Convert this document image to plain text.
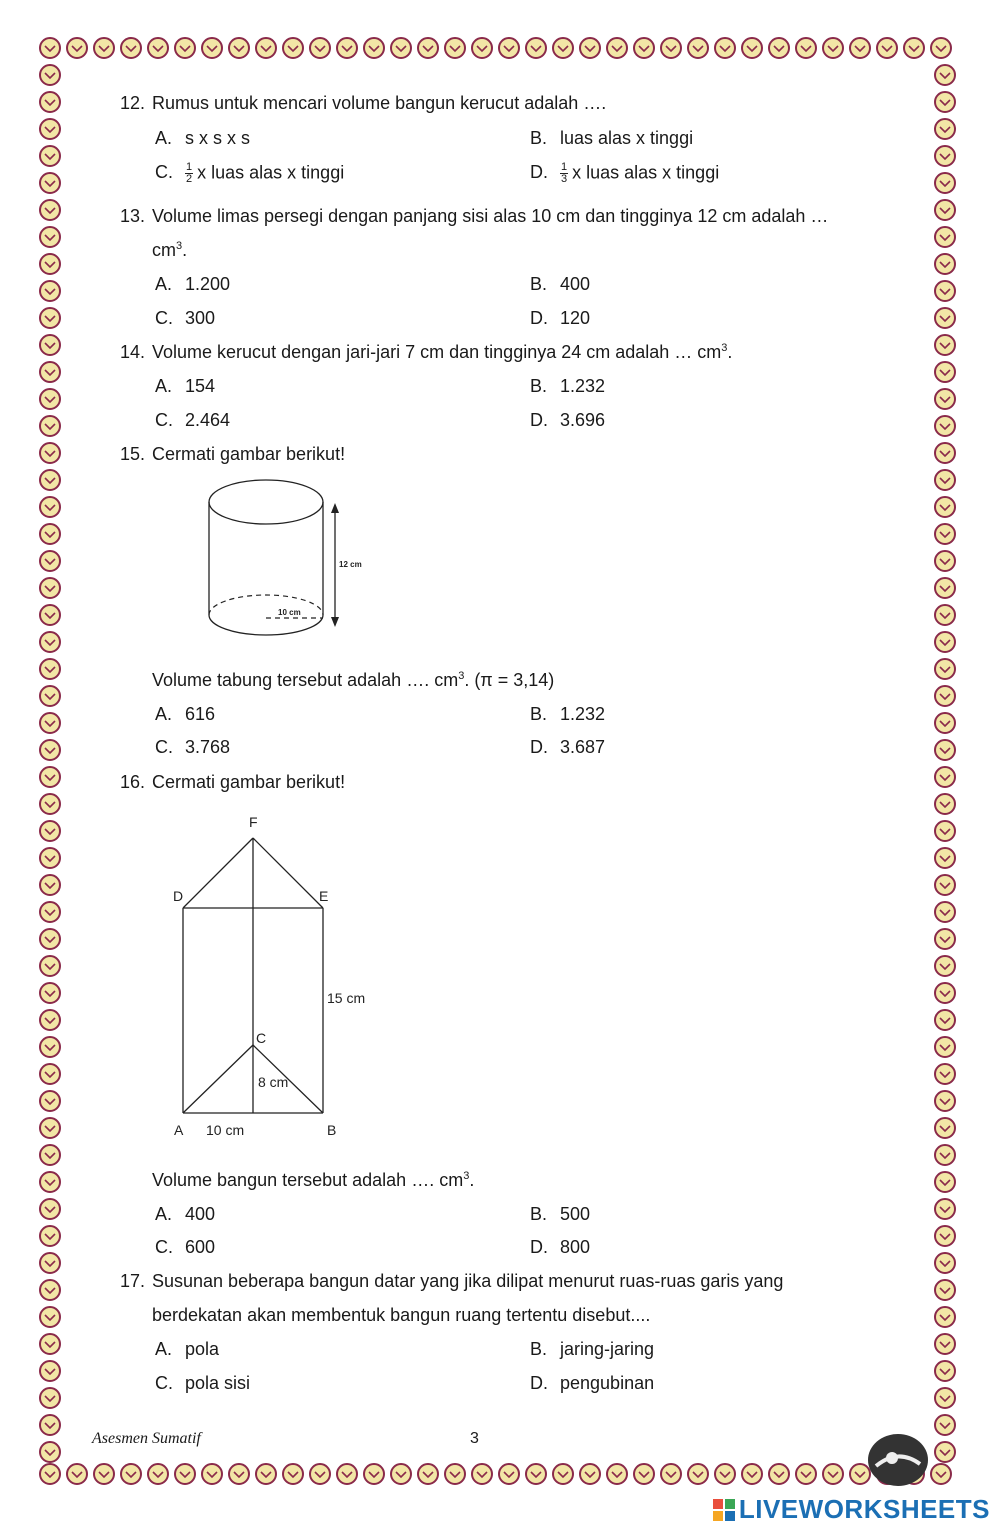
12. Rumus untuk mencari volume bangun kerucut adalah ….
A. s x s x s	B. luas alas x tinggi
C. $\frac{1}{2}$ x luas alas x tinggi	D. $\frac{1}{3}$ x luas alas x tinggi
13. Volume limas persegi dengan panjang sisi alas 10 cm dan tingginya 12 cm adalah …
$cm^3$.
A. 1.200	B. 400
C. 300	D. 120
14. Volume kerucut dengan jari-jari 7 cm dan tingginya 24 cm adalah … $cm^3$.
A. 154	B. 1.232
C. 2.464	D. 3.696
15. Cermati gambar berikut!
12 cm
10 cm
Volume tabung tersebut adalah …. $cm^3$. (π = 3,14)
A. 616	B. 1.232
C. 3.768	D. 3.687
16. Cermati gambar berikut!
F
D	E
C
A	B
15 cm
8 cm
10 cm
Volume bangun tersebut adalah …. $cm^3$.
A. 400	B. 500
C. 600	D. 800
17. Susunan beberapa bangun datar yang jika dilipat menurut ruas-ruas garis yang
berdekatan akan membentuk bangun ruang tertentu disebut....
A. pola	B. jaring-jaring
C. pola sisi	D. pengubinan
Asesmen Sumatif	3
LIVEWORKSHEETS
